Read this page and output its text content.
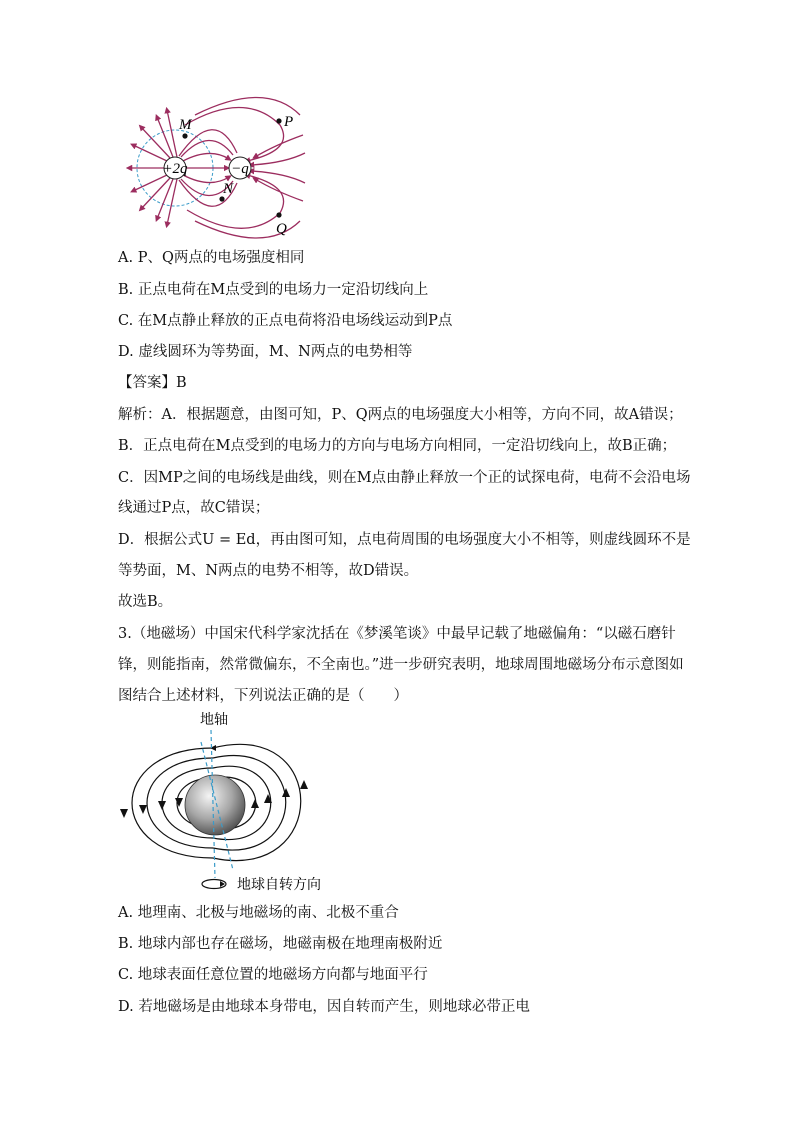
+2q	−q
M
N
P
Q
A. P、Q两点的电场强度相同
B. 正点电荷在M点受到的电场力一定沿切线向上
C. 在M点静止释放的正点电荷将沿电场线运动到P点
D. 虚线圆环为等势面，M、N两点的电势相等
【答案】B
解析：A．根据题意，由图可知，P、Q两点的电场强度大小相等，方向不同，故A错误；
B．正点电荷在M点受到的电场力的方向与电场方向相同，一定沿切线向上，故B正确；
C．因MP之间的电场线是曲线，则在M点由静止释放一个正的试探电荷，电荷不会沿电场
线通过P点，故C错误；
D．根据公式U = Ed，再由图可知，点电荷周围的电场强度大小不相等，则虚线圆环不是
等势面，M、N两点的电势不相等，故D错误。
故选B。
3.（地磁场）中国宋代科学家沈括在《梦溪笔谈》中最早记载了地磁偏角：“以磁石磨针
锋，则能指南，然常微偏东，不全南也。”进一步研究表明，地球周围地磁场分布示意图如
图结合上述材料，下列说法正确的是（　　）
地轴
地球自转方向
A. 地理南、北极与地磁场的南、北极不重合
B. 地球内部也存在磁场，地磁南极在地理南极附近
C. 地球表面任意位置的地磁场方向都与地面平行
D. 若地磁场是由地球本身带电，因自转而产生，则地球必带正电
